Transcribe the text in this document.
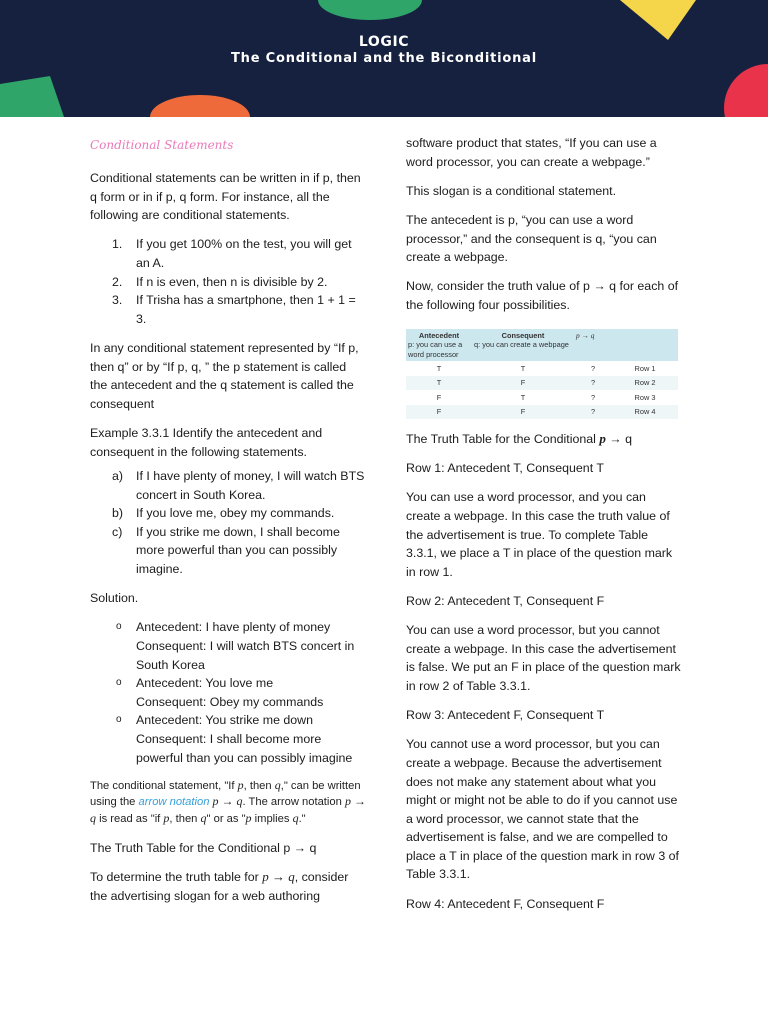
LOGIC
The Conditional and the Biconditional
Conditional Statements

Conditional statements can be written in if p, then q form or in if p, q form. For instance, all the following are conditional statements.

1. If you get 100% on the test, you will get an A.
2. If n is even, then n is divisible by 2.
3. If Trisha has a smartphone, then 1 + 1 = 3.

In any conditional statement represented by “If p, then q” or by “If p, q, ” the p statement is called the antecedent and the q statement is called the consequent

Example 3.3.1 Identify the antecedent and consequent in the following statements.

a) If I have plenty of money, I will watch BTS concert in South Korea.
b) If you love me, obey my commands.
c) If you strike me down, I shall become more powerful than you can possibly imagine.

Solution.

o Antecedent: I have plenty of money
Consequent: I will watch BTS concert in South Korea
o Antecedent: You love me
Consequent: Obey my commands
o Antecedent: You strike me down
Consequent: I shall become more powerful than you can possibly imagine
The conditional statement, "If p, then q," can be written using the arrow notation p → q. The arrow notation p → q is read as "if p, then q" or as "p implies q."

The Truth Table for the Conditional p → q

To determine the truth table for p → q, consider the advertising slogan for a web authoring

software product that states, “If you can use a word processor, you can create a webpage.”

This slogan is a conditional statement.

The antecedent is p, “you can use a word processor,” and the consequent is q, “you can create a webpage.

Now, consider the truth value of p → q for each of the following four possibilities.

Antecedent
p: you can use a word processor	Consequent
q: you can create a webpage	p → q	

T	T	?	Row 1
T	F	?	Row 2
F	T	?	Row 3
F	F	?	Row 4

The Truth Table for the Conditional p → q

Row 1: Antecedent T, Consequent T

You can use a word processor, and you can create a webpage. In this case the truth value of the advertisement is true. To complete Table 3.3.1, we place a T in place of the question mark in row 1.

Row 2: Antecedent T, Consequent F

You can use a word processor, but you cannot create a webpage. In this case the advertisement is false. We put an F in place of the question mark in row 2 of Table 3.3.1.

Row 3: Antecedent F, Consequent T

You cannot use a word processor, but you can create a webpage. Because the advertisement does not make any statement about what you might or might not be able to do if you cannot use a word processor, we cannot state that the advertisement is false, and we are compelled to place a T in place of the question mark in row 3 of Table 3.3.1.

Row 4: Antecedent F, Consequent F
